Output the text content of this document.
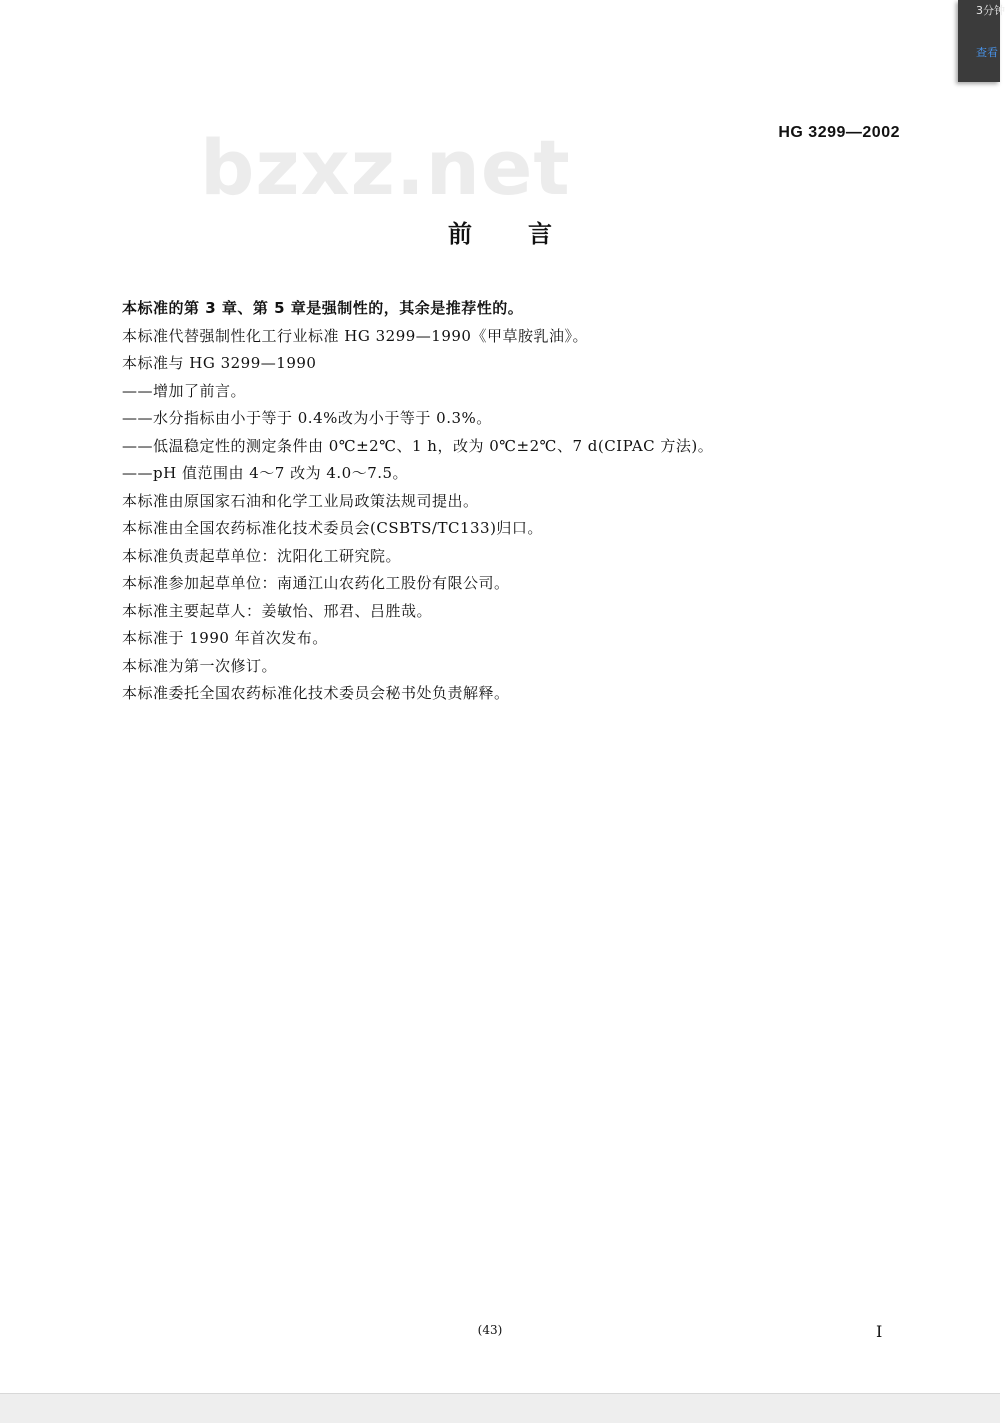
3分钟
查看
bzxz.net	HG 3299—2002
前言
本标准的第 3 章、第 5 章是强制性的，其余是推荐性的。
本标准代替强制性化工行业标准 HG 3299—1990《甲草胺乳油》。
本标准与 HG 3299—1990
——增加了前言。
——水分指标由小于等于 0.4%改为小于等于 0.3%。
——低温稳定性的测定条件由 0℃±2℃、1 h，改为 0℃±2℃、7 d(CIPAC 方法)。
——pH 值范围由 4～7 改为 4.0～7.5。
本标准由原国家石油和化学工业局政策法规司提出。
本标准由全国农药标准化技术委员会(CSBTS/TC133)归口。
本标准负责起草单位：沈阳化工研究院。
本标准参加起草单位：南通江山农药化工股份有限公司。
本标准主要起草人：姜敏怡、邢君、吕胜哉。
本标准于 1990 年首次发布。
本标准为第一次修订。
本标准委托全国农药标准化技术委员会秘书处负责解释。
(43)	I
